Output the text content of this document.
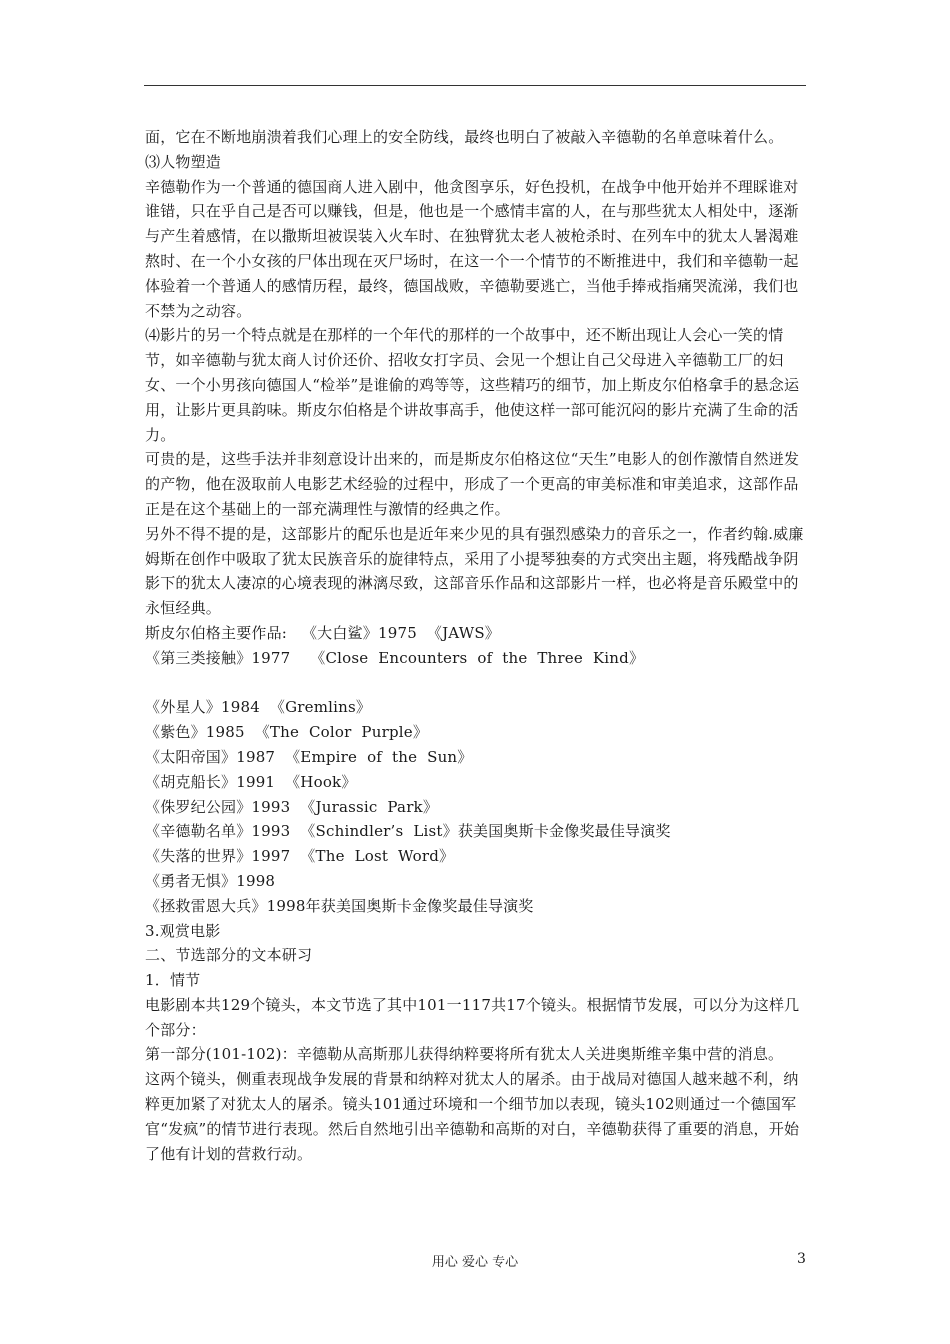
面，它在不断地崩溃着我们心理上的安全防线，最终也明白了被敲入辛德勒的名单意味着什么。

⑶人物塑造

辛德勒作为一个普通的德国商人进入剧中，他贪图享乐，好色投机，在战争中他开始并不理睬谁对谁错，只在乎自己是否可以赚钱，但是，他也是一个感情丰富的人，在与那些犹太人相处中，逐渐与产生着感情，在以撒斯坦被误装入火车时、在独臂犹太老人被枪杀时、在列车中的犹太人暑渴难熬时、在一个小女孩的尸体出现在灭尸场时，在这一个一个情节的不断推进中，我们和辛德勒一起体验着一个普通人的感情历程，最终，德国战败，辛德勒要逃亡，当他手捧戒指痛哭流涕，我们也不禁为之动容。

⑷影片的另一个特点就是在那样的一个年代的那样的一个故事中，还不断出现让人会心一笑的情节，如辛德勒与犹太商人讨价还价、招收女打字员、会见一个想让自己父母进入辛德勒工厂的妇女、一个小男孩向德国人“检举”是谁偷的鸡等等，这些精巧的细节，加上斯皮尔伯格拿手的悬念运用，让影片更具韵味。斯皮尔伯格是个讲故事高手，他使这样一部可能沉闷的影片充满了生命的活力。

可贵的是，这些手法并非刻意设计出来的，而是斯皮尔伯格这位“天生”电影人的创作激情自然迸发的产物，他在汲取前人电影艺术经验的过程中，形成了一个更高的审美标准和审美追求，这部作品正是在这个基础上的一部充满理性与激情的经典之作。

另外不得不提的是，这部影片的配乐也是近年来少见的具有强烈感染力的音乐之一，作者约翰.威廉姆斯在创作中吸取了犹太民族音乐的旋律特点，采用了小提琴独奏的方式突出主题，将残酷战争阴影下的犹太人凄凉的心境表现的淋漓尽致，这部音乐作品和这部影片一样，也必将是音乐殿堂中的永恒经典。

斯皮尔伯格主要作品:   《大白鲨》1975  《JAWS》

《第三类接触》1977    《Close  Encounters  of  the  Three  Kind》

《外星人》1984  《Gremlins》

《紫色》1985  《The  Color  Purple》

《太阳帝国》1987  《Empire  of  the  Sun》

《胡克船长》1991  《Hook》

《侏罗纪公园》1993  《Jurassic  Park》

《辛德勒名单》1993  《Schindler’s  List》获美国奥斯卡金像奖最佳导演奖

《失落的世界》1997  《The  Lost  Word》

《勇者无惧》1998

《拯救雷恩大兵》1998年获美国奥斯卡金像奖最佳导演奖

3.观赏电影

二、节选部分的文本研习

1．情节

电影剧本共129个镜头，本文节选了其中101一117共17个镜头。根据情节发展，可以分为这样几个部分：

第一部分(101-102)：辛德勒从高斯那儿获得纳粹要将所有犹太人关进奥斯维辛集中营的消息。

这两个镜头，侧重表现战争发展的背景和纳粹对犹太人的屠杀。由于战局对德国人越来越不利，纳粹更加紧了对犹太人的屠杀。镜头101通过环境和一个细节加以表现，镜头102则通过一个德国军官“发疯”的情节进行表现。然后自然地引出辛德勒和高斯的对白，辛德勒获得了重要的消息，开始了他有计划的营救行动。

用心 爱心 专心	3
